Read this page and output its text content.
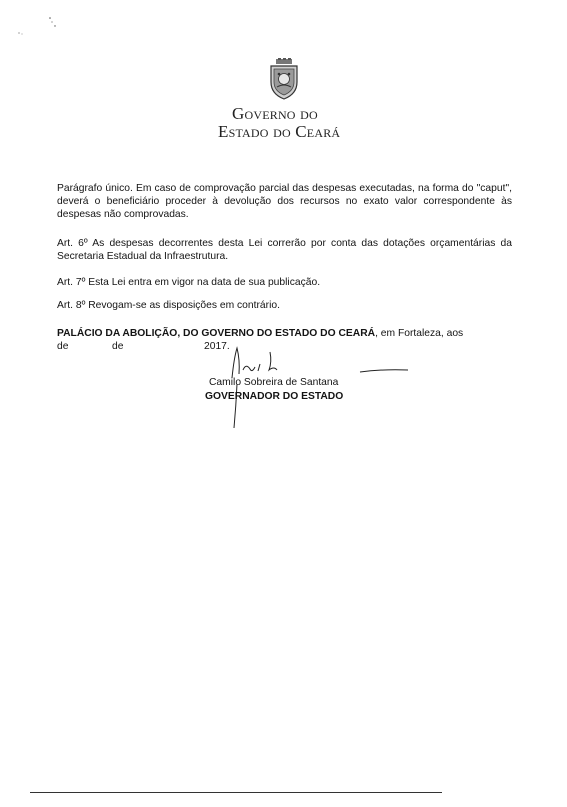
Governo do
Estado do Ceará
Parágrafo único. Em caso de comprovação parcial das despesas executadas, na forma do "caput", deverá o beneficiário proceder à devolução dos recursos no exato valor correspondente às despesas não comprovadas.
Art. 6º As despesas decorrentes desta Lei correrão por conta das dotações orçamentárias da Secretaria Estadual da Infraestrutura.
Art. 7º Esta Lei entra em vigor na data de sua publicação.
Art. 8º Revogam-se as disposições em contrário.
PALÁCIO DA ABOLIÇÃO, DO GOVERNO DO ESTADO DO CEARÁ, em Fortaleza, aos
de	de	2017.
Camilo Sobreira de Santana
GOVERNADOR DO ESTADO
